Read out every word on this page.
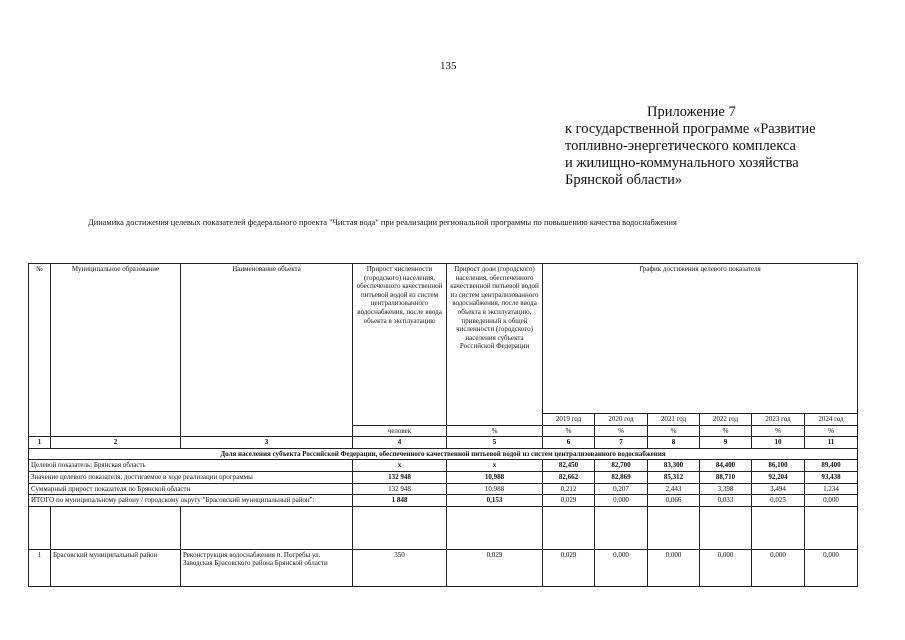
135
Приложение 7
к государственной программе «Развитие
топливно-энергетического комплекса
и жилищно-коммунального хозяйства
Брянской области»
Динамика достижения целевых показателей федерального проекта "Чистая вода" при реализации региональной программы по повышению качества водоснабжения
№	Муниципальное образование	Наименование объекта	Прирост численности (городского) населения, обеспеченного качественной питьевой водой из систем централизованного водоснабжения, после ввода объекта в эксплуатацию	Прирост доли (городского) населения, обеспеченного качественной питьевой водой из систем централизованного водоснабжения, после ввода объекта в эксплуатацию, приведенный к общей численности (городского) населения субъекта Российской Федерации	График достижения целевого показателя					
					2019 год	2020 год	2021 год	2022 год	2023 год	2024 год
			человек	%	%	%	%	%	%	%
1	2	3	4	5	6	7	8	9	10	11
Доля населения субъекта Российской Федерации, обеспеченного качественной питьевой водой из систем централизованного водоснабжения										
Целевой показатель: Брянская область			х	х	82,450	82,700	83,300	84,400	86,100	89,400
Значение целевого показателя, достигаемое в ходе реализации программы			132 948	10,988	82,662	82,869	85,312	88,710	92,204	93,438
Суммарный прирост показателя по Брянской области			132 948	10,988	0,212	0,207	2,443	3,398	3,494	1,234
ИТОГО по муниципальному району / городскому округу "Брасовский муниципальный район":			1 848	0,153	0,029	0,000	0,066	0,033	0,025	0,000

1	Брасовский муниципальный район	Реконструкция водоснабжения п. Погребы ул. Заводская Брасовского района Брянской области	350	0,029	0,029	0,000	0,000	0,000	0,000	0,000
